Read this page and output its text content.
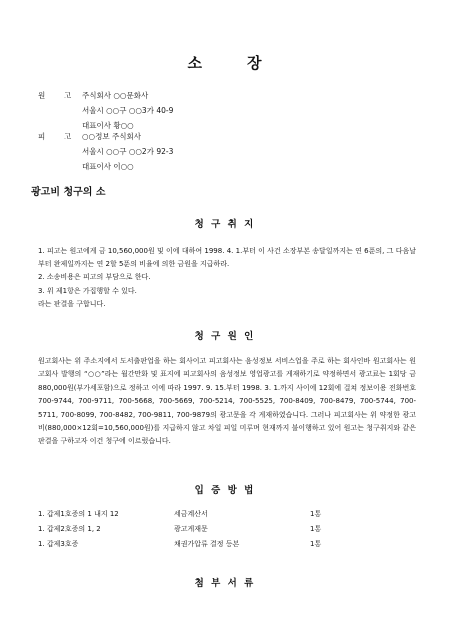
소	장
원	고 주식회사 ○○문화사
서울시 ○○구 ○○3가 40-9
대표이사 황○○
피	고 ○○정보 주식회사
서울시 ○○구 ○○2가 92-3
대표이사 이○○
광고비 청구의 소
청 구 취 지

1. 피고는 원고에게 금 10,560,000원 및 이에 대하여 1998. 4. 1.부터 이 사건 소장부본 송달일까지는 연 6푼의, 그 다음날부터 완제일까지는 연 2할 5푼의 비율에 의한 금원을 지급하라.

2. 소송비용은 피고의 부담으로 한다.

3. 위 제1항은 가집행할 수 있다.

라는 판결을 구합니다.

청 구 원 인

원고회사는 위 주소지에서 도서출판업을 하는 회사이고 피고회사는 음성정보 서비스업을 주로 하는 회사인바 원고회사는 원고회사 발행의 “○○”라는 월간만화 및 표지에 피고회사의 음성정보 영업광고를 게재하기로 약정하면서 광고료는 1회당 금 880,000원(부가세포함)으로 정하고 이에 따라 1997. 9. 15.부터 1998. 3. 1.까지 사이에 12회에 걸쳐 정보이용 전화번호 700-9744, 700-9711, 700-5668, 700-5669, 700-5214, 700-5525, 700-8409, 700-8479, 700-5744, 700-5711, 700-8099, 700-8482, 700-9811, 700-9879의 광고문을 각 게재하였습니다. 그러나 피고회사는 위 약정한 광고비(880,000×12회=10,560,000원)를 지급하지 않고 차일 피일 미루며 현재까지 불이행하고 있어 원고는 청구취지와 같은 판결을 구하고자 이건 청구에 이르렀습니다.

입 증 방 법
1. 갑제1호증의 1 내지 12	세금계산서	1통
1. 갑제2호증의 1, 2	광고게재문	1통
1. 갑제3호증	채권가압류 결정 등본	1통
첨 부 서 류
